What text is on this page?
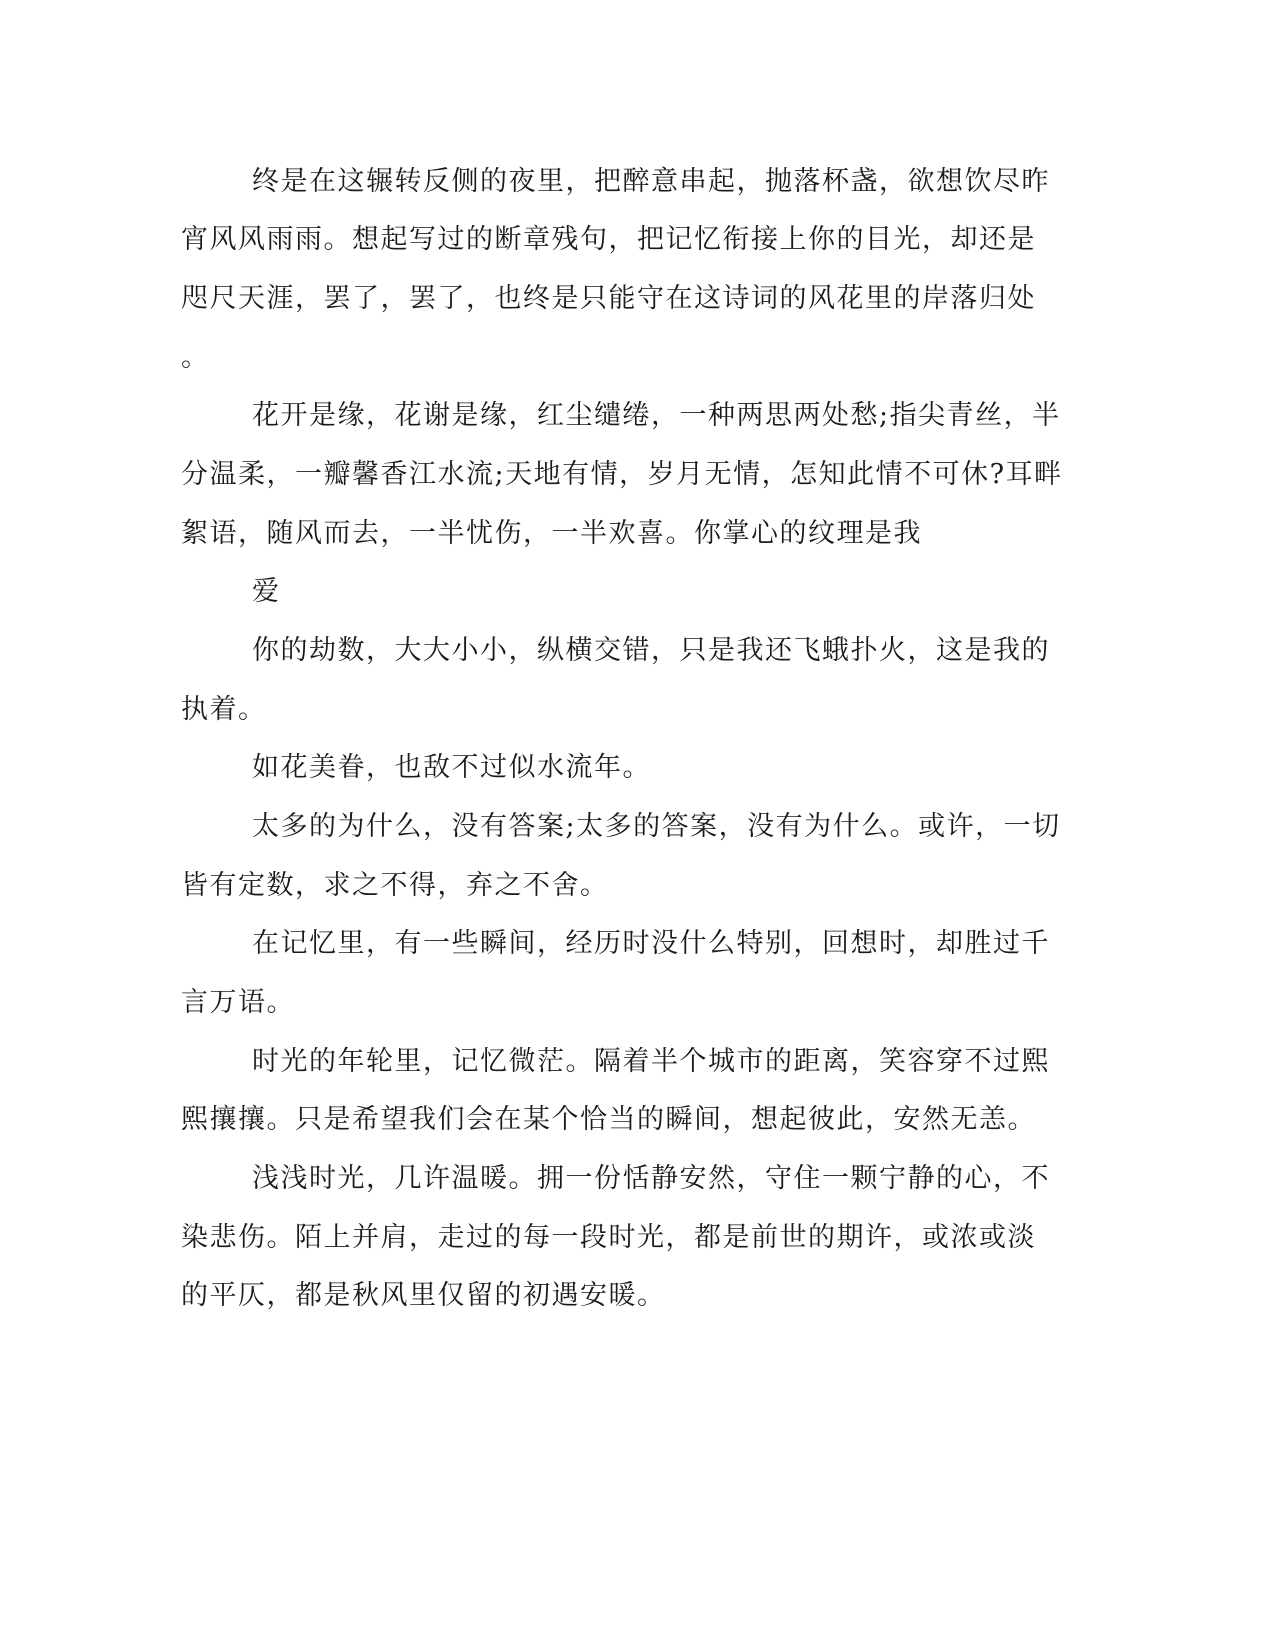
终是在这辗转反侧的夜里，把醉意串起，抛落杯盏，欲想饮尽昨
宵风风雨雨。想起写过的断章残句，把记忆衔接上你的目光，却还是
咫尺天涯，罢了，罢了，也终是只能守在这诗词的风花里的岸落归处
。
花开是缘，花谢是缘，红尘缱绻，一种两思两处愁;指尖青丝，半
分温柔，一瓣馨香江水流;天地有情，岁月无情，怎知此情不可休?耳畔
絮语，随风而去，一半忧伤，一半欢喜。你掌心的纹理是我
爱
你的劫数，大大小小，纵横交错，只是我还飞蛾扑火，这是我的
执着。
如花美眷，也敌不过似水流年。
太多的为什么，没有答案;太多的答案，没有为什么。或许，一切
皆有定数，求之不得，弃之不舍。
在记忆里，有一些瞬间，经历时没什么特别，回想时，却胜过千
言万语。
时光的年轮里，记忆微茫。隔着半个城市的距离，笑容穿不过熙
熙攘攘。只是希望我们会在某个恰当的瞬间，想起彼此，安然无恙。
浅浅时光，几许温暖。拥一份恬静安然，守住一颗宁静的心，不
染悲伤。陌上并肩，走过的每一段时光，都是前世的期许，或浓或淡
的平仄，都是秋风里仅留的初遇安暖。
